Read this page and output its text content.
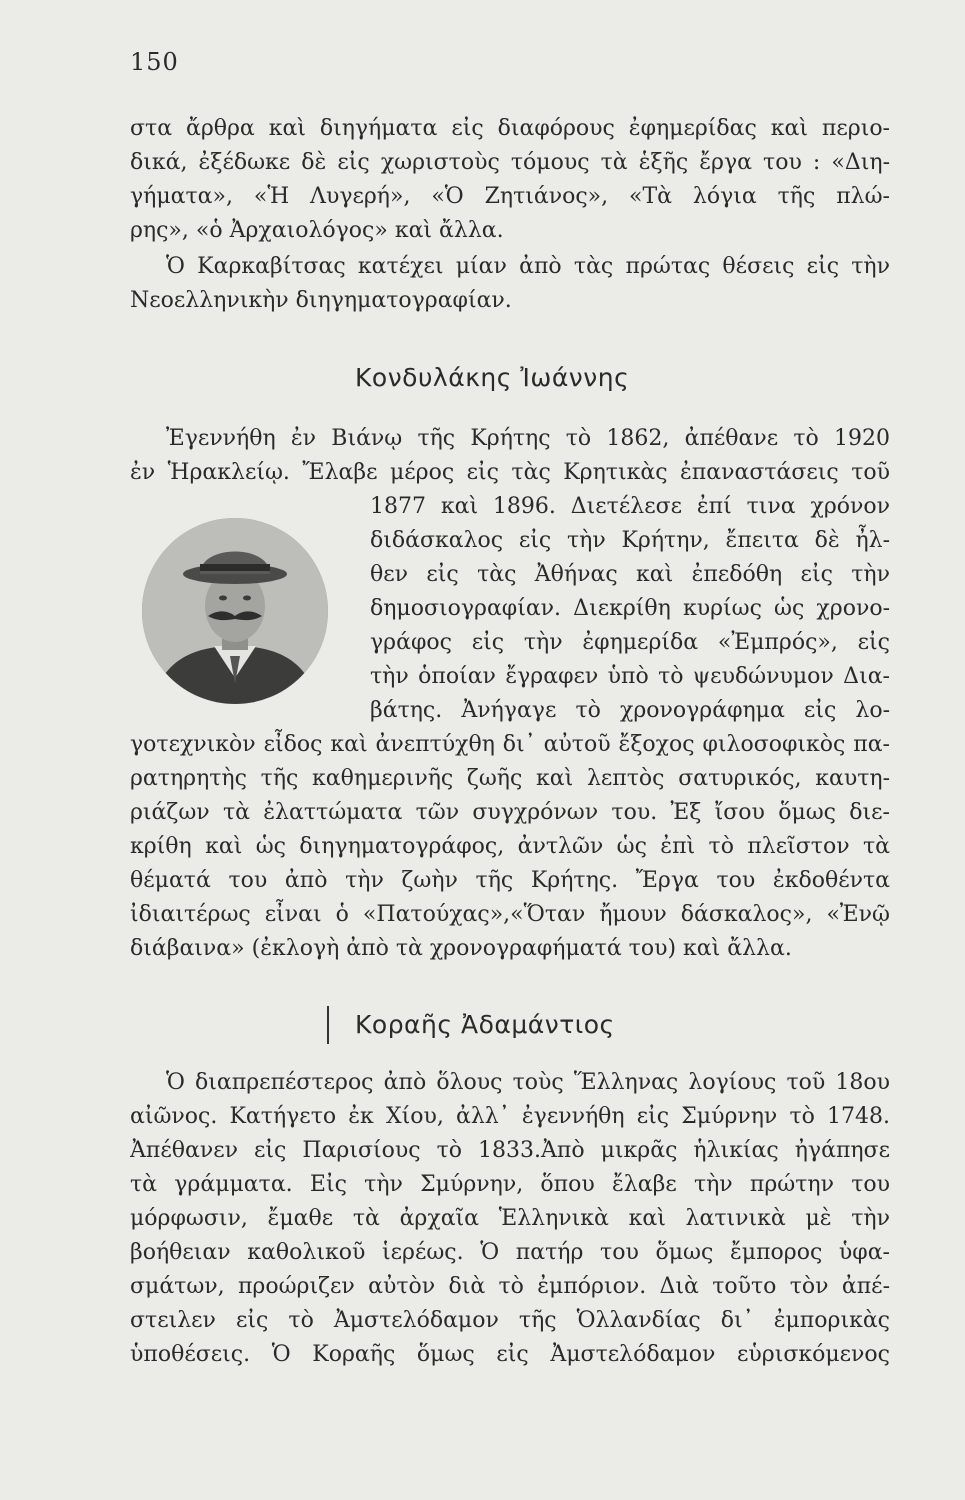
150
στα ἄρθρα καὶ διηγήματα εἰς διαφόρους ἐφημερίδας καὶ περιο-
δικά, ἐξέδωκε δὲ εἰς χωριστοὺς τόμους τὰ ἑξῆς ἔργα του : «Διη-
γήματα», «Ἡ Λυγερή», «Ὁ Ζητιάνος», «Τὰ λόγια τῆς πλώ-
ρης», «ὁ Ἀρχαιολόγος» καὶ ἄλλα.
Ὁ Καρκαβίτσας κατέχει μίαν ἀπὸ τὰς πρώτας θέσεις εἰς τὴν
Νεοελληνικὴν διηγηματογραφίαν.
Κονδυλάκης Ἰωάννης
Ἐγεννήθη ἐν Βιάνῳ τῆς Κρήτης τὸ 1862, ἀπέθανε τὸ 1920
ἐν Ἡρακλείῳ. Ἔλαβε μέρος εἰς τὰς Κρητικὰς ἐπαναστάσεις τοῦ
1877 καὶ 1896. Διετέλεσε ἐπί τινα χρόνον
διδάσκαλος εἰς τὴν Κρήτην, ἔπειτα δὲ ἦλ-
θεν εἰς τὰς Ἀθήνας καὶ ἐπεδόθη εἰς τὴν
δημοσιογραφίαν. Διεκρίθη κυρίως ὡς χρονο-
γράφος εἰς τὴν ἐφημερίδα «Ἐμπρός», εἰς
τὴν ὁποίαν ἔγραφεν ὑπὸ τὸ ψευδώνυμον Δια-
βάτης. Ἀνήγαγε τὸ χρονογράφημα εἰς λο-
γοτεχνικὸν εἶδος καὶ ἀνεπτύχθη δι᾽ αὐτοῦ ἔξοχος φιλοσοφικὸς πα-
ρατηρητὴς τῆς καθημερινῆς ζωῆς καὶ λεπτὸς σατυρικός, καυτη-
ριάζων τὰ ἐλαττώματα τῶν συγχρόνων του. Ἐξ ἴσου ὅμως διε-
κρίθη καὶ ὡς διηγηματογράφος, ἀντλῶν ὡς ἐπὶ τὸ πλεῖστον τὰ
θέματά του ἀπὸ τὴν ζωὴν τῆς Κρήτης. Ἔργα του ἐκδοθέντα
ἰδιαιτέρως εἶναι ὁ «Πατούχας»,«Ὅταν ἤμουν δάσκαλος», «Ἐνῷ
διάβαινα» (ἐκλογὴ ἀπὸ τὰ χρονογραφήματά του) καὶ ἄλλα.
Κοραῆς Ἀδαμάντιος
Ὁ διαπρεπέστερος ἀπὸ ὅλους τοὺς Ἕλληνας λογίους τοῦ 18ου
αἰῶνος. Κατήγετο ἐκ Χίου, ἀλλ᾽ ἐγεννήθη εἰς Σμύρνην τὸ 1748.
Ἀπέθανεν εἰς Παρισίους τὸ 1833.Ἀπὸ μικρᾶς ἡλικίας ἠγάπησε
τὰ γράμματα. Εἰς τὴν Σμύρνην, ὅπου ἔλαβε τὴν πρώτην του
μόρφωσιν, ἔμαθε τὰ ἀρχαῖα Ἑλληνικὰ καὶ λατινικὰ μὲ τὴν
βοήθειαν καθολικοῦ ἱερέως. Ὁ πατήρ του ὅμως ἔμπορος ὑφα-
σμάτων, προώριζεν αὐτὸν διὰ τὸ ἐμπόριον. Διὰ τοῦτο τὸν ἀπέ-
στειλεν εἰς τὸ Ἀμστελόδαμον τῆς Ὁλλανδίας δι᾽ ἐμπορικὰς
ὑποθέσεις. Ὁ Κοραῆς ὅμως εἰς Ἀμστελόδαμον εὑρισκόμενος
